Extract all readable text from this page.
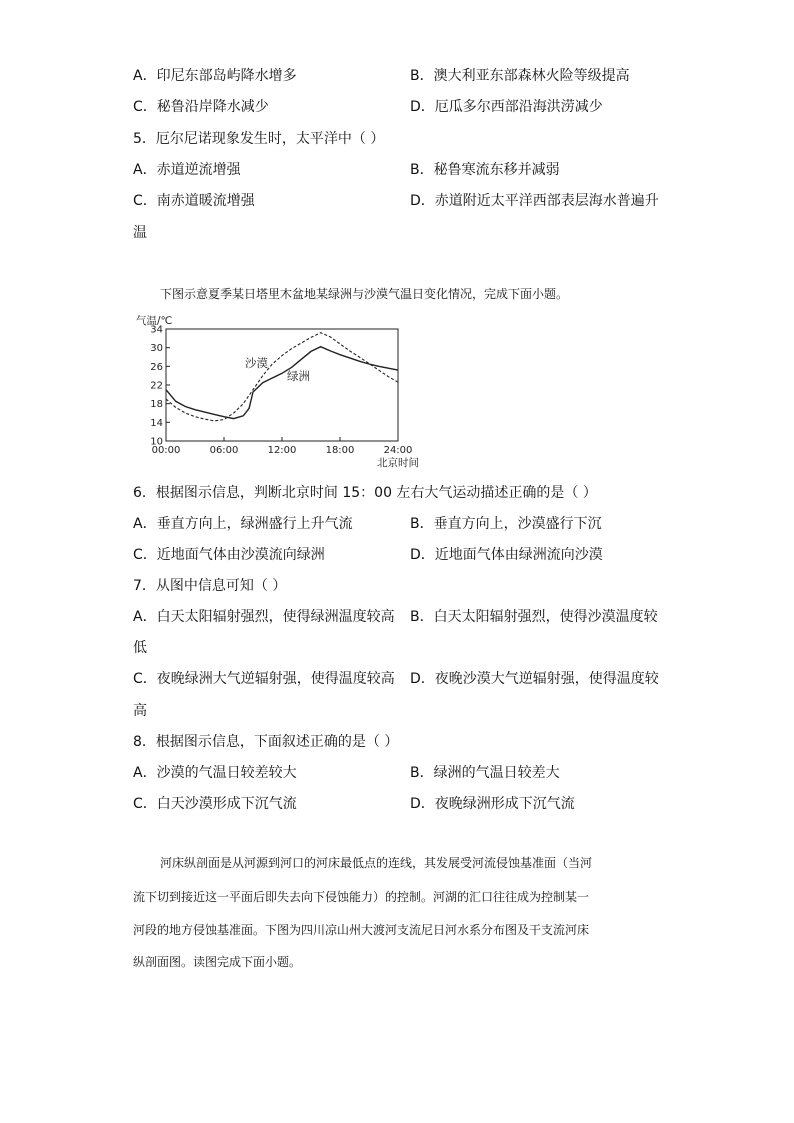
A．印尼东部岛屿降水增多	B．澳大利亚东部森林火险等级提高
C．秘鲁沿岸降水减少	D．厄瓜多尔西部沿海洪涝减少
5．厄尔尼诺现象发生时，太平洋中（ ）
A．赤道逆流增强	B．秘鲁寒流东移并减弱
C．南赤道暖流增强	D．赤道附近太平洋西部表层海水普遍升
温
下图示意夏季某日塔里木盆地某绿洲与沙漠气温日变化情况，完成下面小题。
10
14
18
22
26
30
34
00:00	06:00	12:00	18:00	24:00
气温/℃
北京时间
沙漠
绿洲
6．根据图示信息，判断北京时间 15：00 左右大气运动描述正确的是（ ）
A．垂直方向上，绿洲盛行上升气流	B．垂直方向上，沙漠盛行下沉
C．近地面气体由沙漠流向绿洲	D．近地面气体由绿洲流向沙漠
7．从图中信息可知（ ）
A．白天太阳辐射强烈，使得绿洲温度较高 B．白天太阳辐射强烈，使得沙漠温度较
低
C．夜晚绿洲大气逆辐射强，使得温度较高 D．夜晚沙漠大气逆辐射强，使得温度较
高
8．根据图示信息，下面叙述正确的是（ ）
A．沙漠的气温日较差较大	B．绿洲的气温日较差大
C．白天沙漠形成下沉气流	D．夜晚绿洲形成下沉气流
河床纵剖面是从河源到河口的河床最低点的连线，其发展受河流侵蚀基准面（当河
流下切到接近这一平面后即失去向下侵蚀能力）的控制。河湖的汇口往往成为控制某一
河段的地方侵蚀基准面。下图为四川凉山州大渡河支流尼日河水系分布图及干支流河床
纵剖面图。读图完成下面小题。
